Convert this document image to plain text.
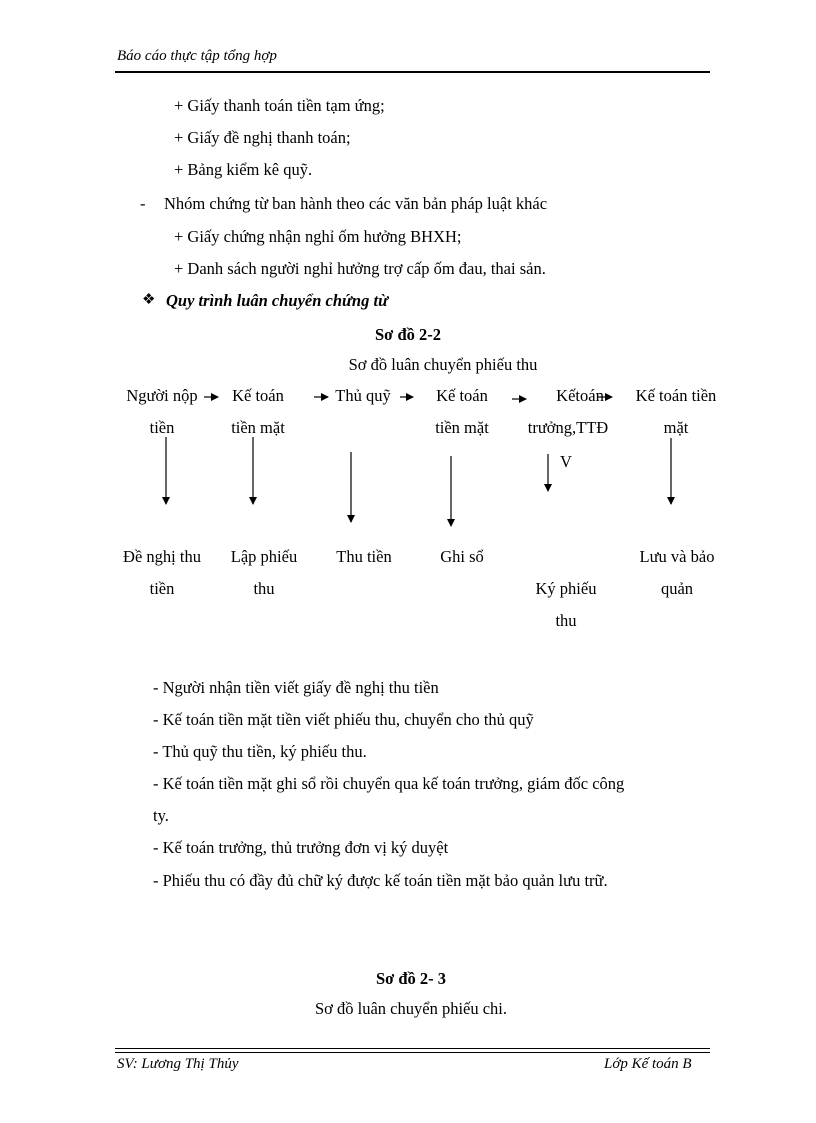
Báo cáo thực tập tổng hợp
+ Giấy thanh toán tiền tạm ứng;
+ Giấy đề nghị thanh toán;
+ Bảng kiểm kê quỹ.
- Nhóm chứng từ ban hành theo các văn bản pháp luật khác
+ Giấy chứng nhận nghỉ ốm hưởng BHXH;
+ Danh sách người nghỉ hưởng trợ cấp ốm đau, thai sản.
❖ Quy trình luân chuyển chứng từ
Sơ đồ 2-2
Sơ đồ luân chuyển phiếu thu
Người nộp
tiền
Kế toán
tiền mặt
Thủ quỹ	Kế toán
tiền mặt
Kếtoán
trưởng,TTĐ
V
Kế toán tiền
mặt
Đề nghị thu
tiền
Lập phiếu
thu
Thu tiền	Ghi sổ
Ký phiếu
thu
Lưu và bảo
quản
- Người nhận tiền viết giấy đề nghị thu tiền
- Kế toán tiền mặt tiền viết phiếu thu, chuyển cho thủ quỹ
- Thủ quỹ thu tiền, ký phiếu thu.
- Kế toán tiền mặt ghi sổ rồi chuyển qua kế toán trưởng, giám đốc công
ty.
- Kế toán trưởng, thủ trưởng đơn vị ký duyệt
- Phiếu thu có đầy đủ chữ ký được kế toán tiền mặt bảo quản lưu trữ.
Sơ đồ 2- 3
Sơ đồ luân chuyển phiếu chi.
SV: Lương Thị Thủy	Lớp Kế toán B
